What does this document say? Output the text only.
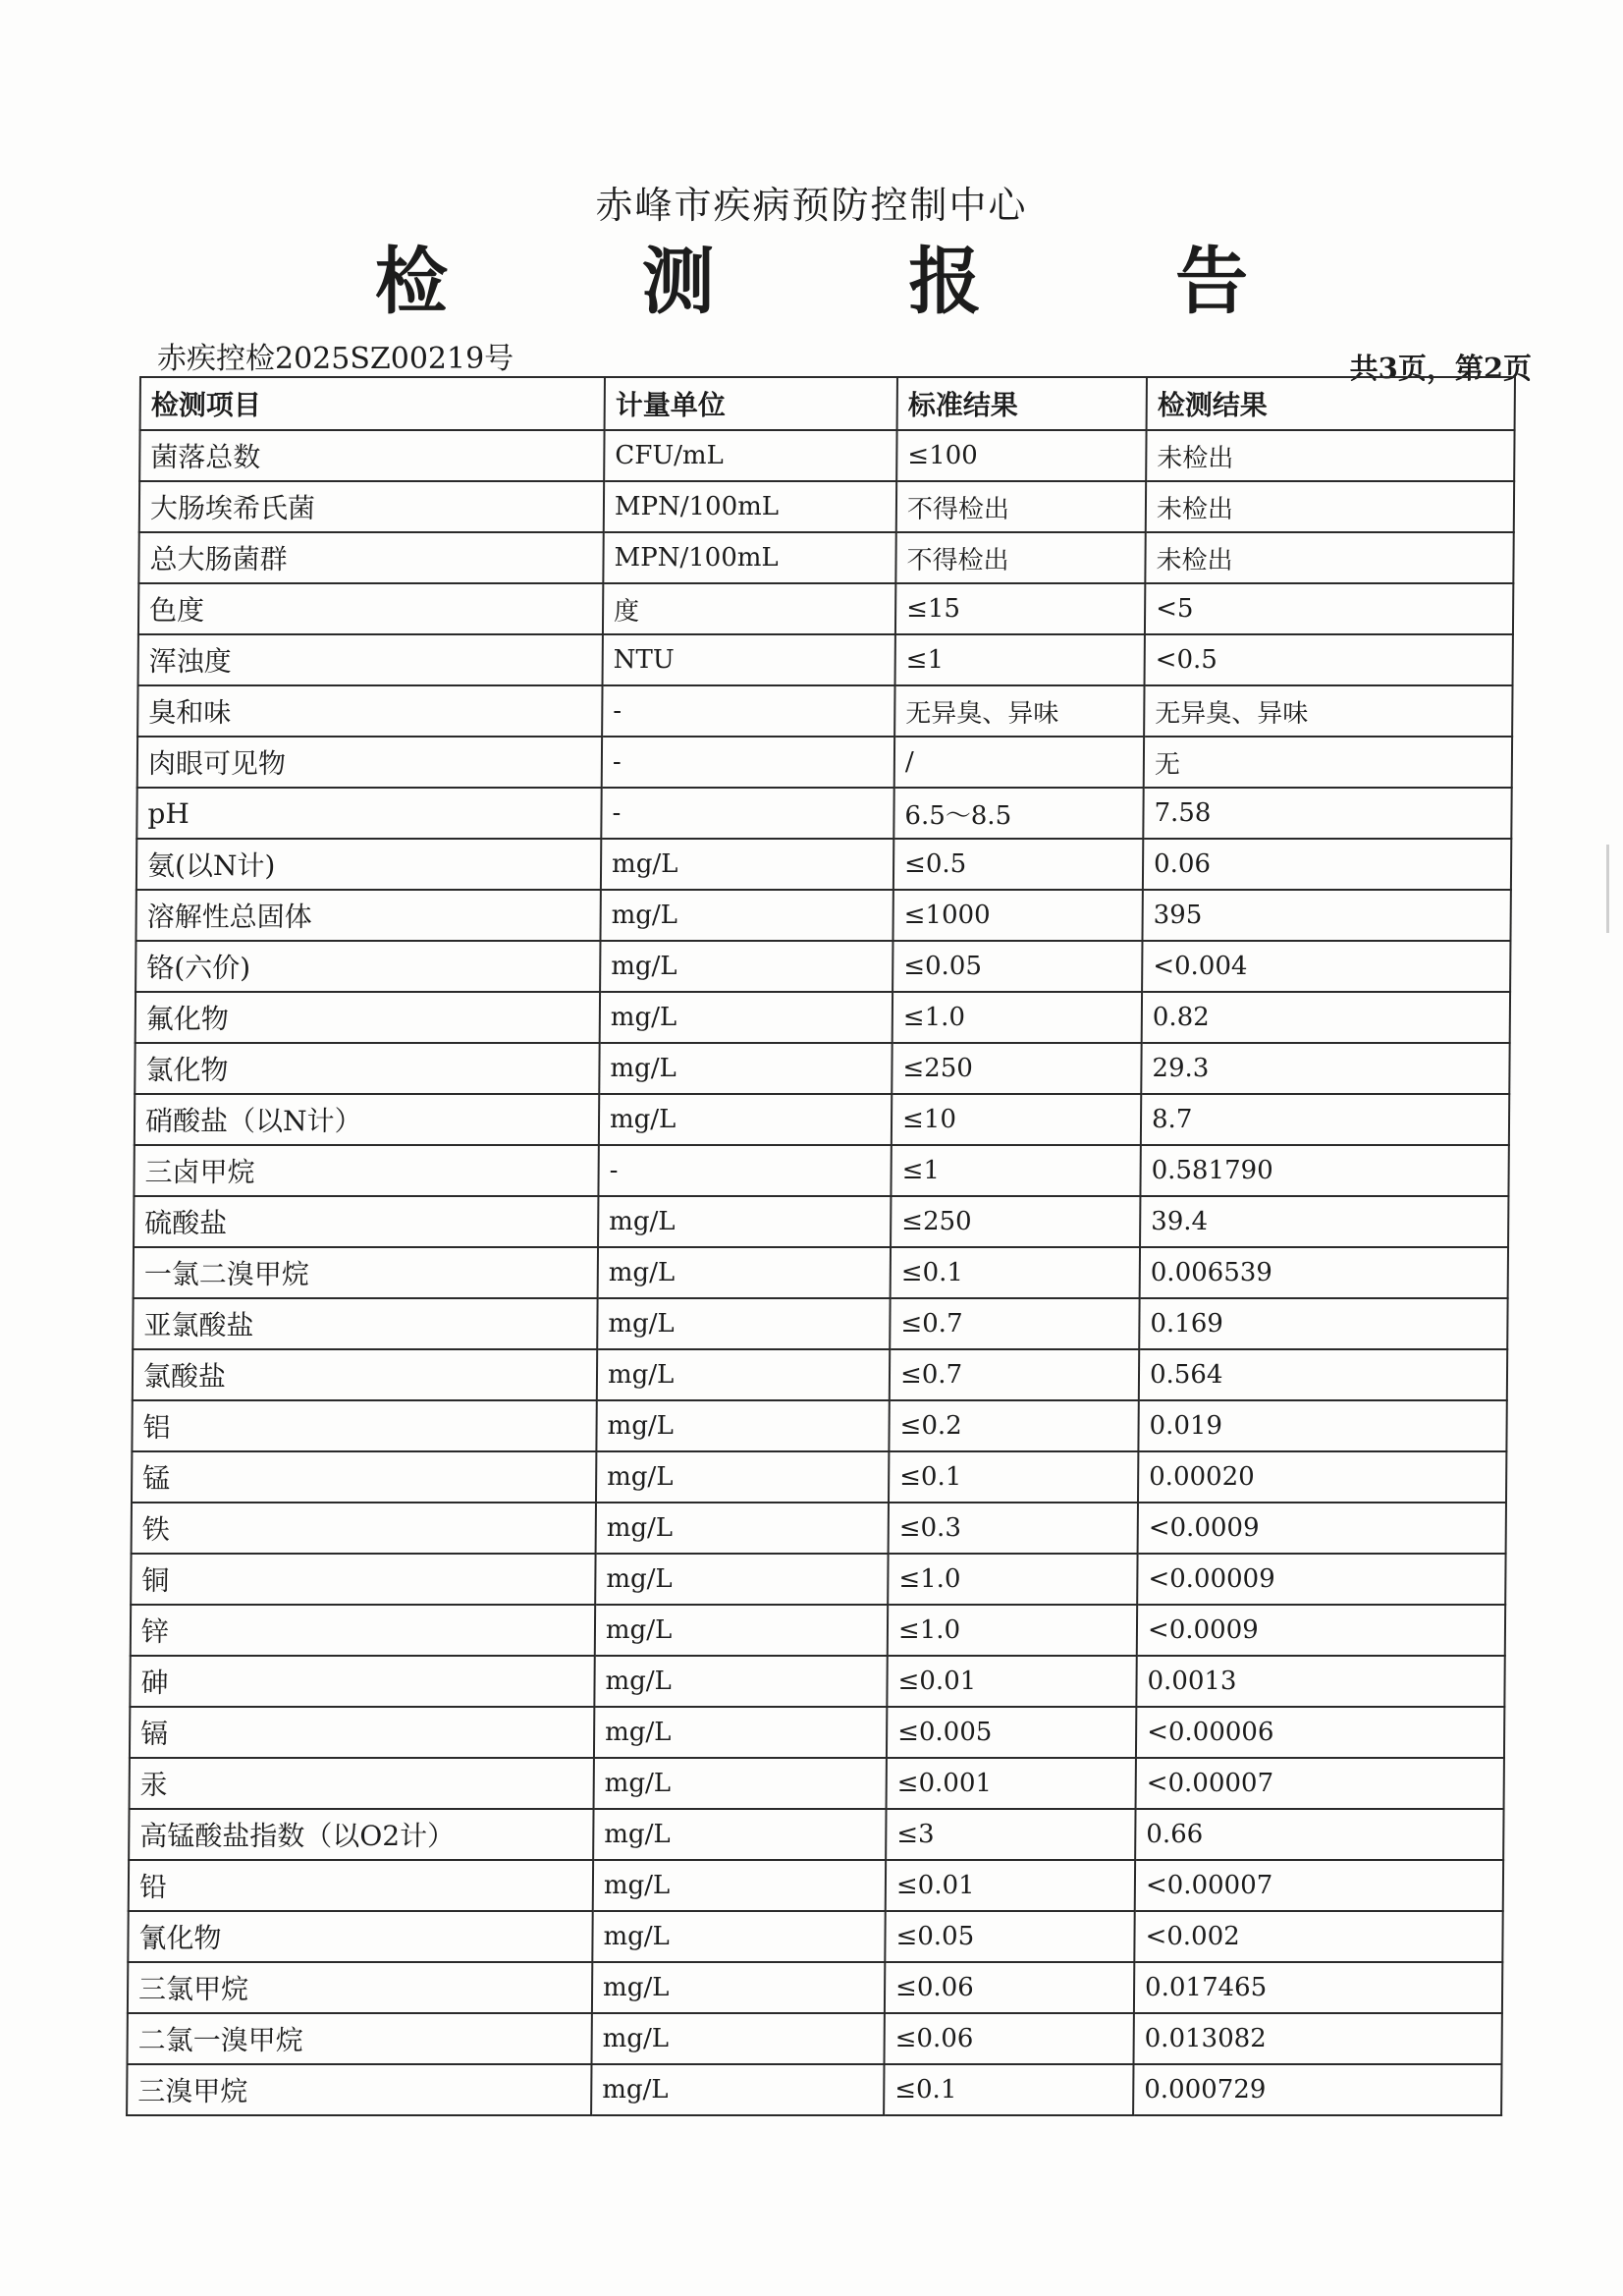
赤峰市疾病预防控制中心
检 测 报 告
赤疾控检2025SZ00219号	共3页，第2页
检测项目	计量单位	标准结果	检测结果
菌落总数	CFU/mL	≤100	未检出
大肠埃希氏菌	MPN/100mL	不得检出	未检出
总大肠菌群	MPN/100mL	不得检出	未检出
色度	度	≤15	<5
浑浊度	NTU	≤1	<0.5
臭和味	-	无异臭、异味	无异臭、异味
肉眼可见物	-	/	无
pH	-	6.5～8.5	7.58
氨(以N计)	mg/L	≤0.5	0.06
溶解性总固体	mg/L	≤1000	395
铬(六价)	mg/L	≤0.05	<0.004
氟化物	mg/L	≤1.0	0.82
氯化物	mg/L	≤250	29.3
硝酸盐（以N计）	mg/L	≤10	8.7
三卤甲烷	-	≤1	0.581790
硫酸盐	mg/L	≤250	39.4
一氯二溴甲烷	mg/L	≤0.1	0.006539
亚氯酸盐	mg/L	≤0.7	0.169
氯酸盐	mg/L	≤0.7	0.564
铝	mg/L	≤0.2	0.019
锰	mg/L	≤0.1	0.00020
铁	mg/L	≤0.3	<0.0009
铜	mg/L	≤1.0	<0.00009
锌	mg/L	≤1.0	<0.0009
砷	mg/L	≤0.01	0.0013
镉	mg/L	≤0.005	<0.00006
汞	mg/L	≤0.001	<0.00007
高锰酸盐指数（以O2计）	mg/L	≤3	0.66
铅	mg/L	≤0.01	<0.00007
氰化物	mg/L	≤0.05	<0.002
三氯甲烷	mg/L	≤0.06	0.017465
二氯一溴甲烷	mg/L	≤0.06	0.013082
三溴甲烷	mg/L	≤0.1	0.000729
